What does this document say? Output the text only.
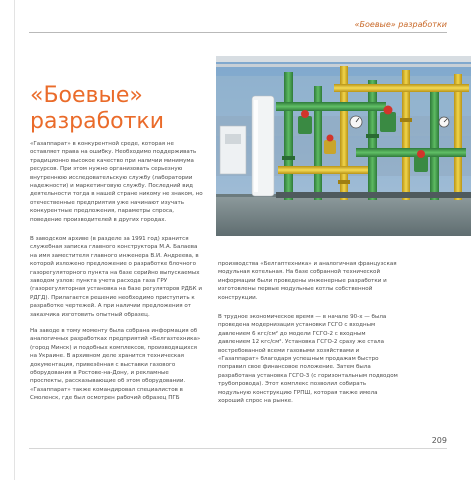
«Боевые» разработки
«Боевые» разработки

«Газаппарат» в конкурентной среде, которая не оставляет права на ошибку. Необходимо поддерживать традиционно высокое качество при наличии минимума ресурсов. При этом нужно организовать серьезную внутреннюю исследовательскую службу (лаборатории надежности) и маркетинговую службу. Последний вид деятельности тогда в нашей стране никому не знаком, но отечественные предприятия уже начинают изучать конкурентные предложения, параметры спроса, поведение производителей в других городах.

В заводском архиве (в разделе за 1991 год) хранится служебная записка главного конструктора М.А. Балаева на имя заместителя главного инженера В.И. Андреева, в которой изложено предложение о разработке блочного газорегуляторного пункта на базе серийно выпускаемых заводом узлов: пункта учета расхода газа ГРУ (газорегуляторная установка на базе регуляторов РДБК и РДГД). Прилагается решение необходимо приступить к разработке чертежей. А при наличии предложения от заказчика изготовить опытный образец.

На заводе в тому моменту была собрана информация об аналогичных разработках предприятий «Белгазтехника» (город Минск) и подобных комплексов, производящихся на Украине. В архивном деле хранится техническая документация, привезённая с выставки газового оборудования в Ростове-на-Дону, и рекламные проспекты, рассказывающие об этом оборудовании. «Газаппарат» также командировал специалистов в Смоленск, где был осмотрен рабочий образец ПГБ

производства «Белгаптехника» и аналогичная французская модульная котельная. На базе собранной технической информации были проведены инженерные разработки и изготовлены первые модульные котлы собственной конструкции.

В трудное экономическое время — в начале 90-х — была проведена модернизация установки ГСГО с входным давлением 6 кгс/см² до модели ГСГО-2 с входным давлением 12 кгс/см². Установка ГСГО-2 сразу же стала востребованной всеми газовыми хозяйствами и «Газаппарат» благодаря успешным продажам быстро поправил свое финансовое положение. Затем была разработана установка ГСГО-3 (с горизонтальным подводом трубопровода). Этот комплекс позволил собирать модульную конструкцию ГРПШ, которая также имела хороший спрос на рынке.

209
